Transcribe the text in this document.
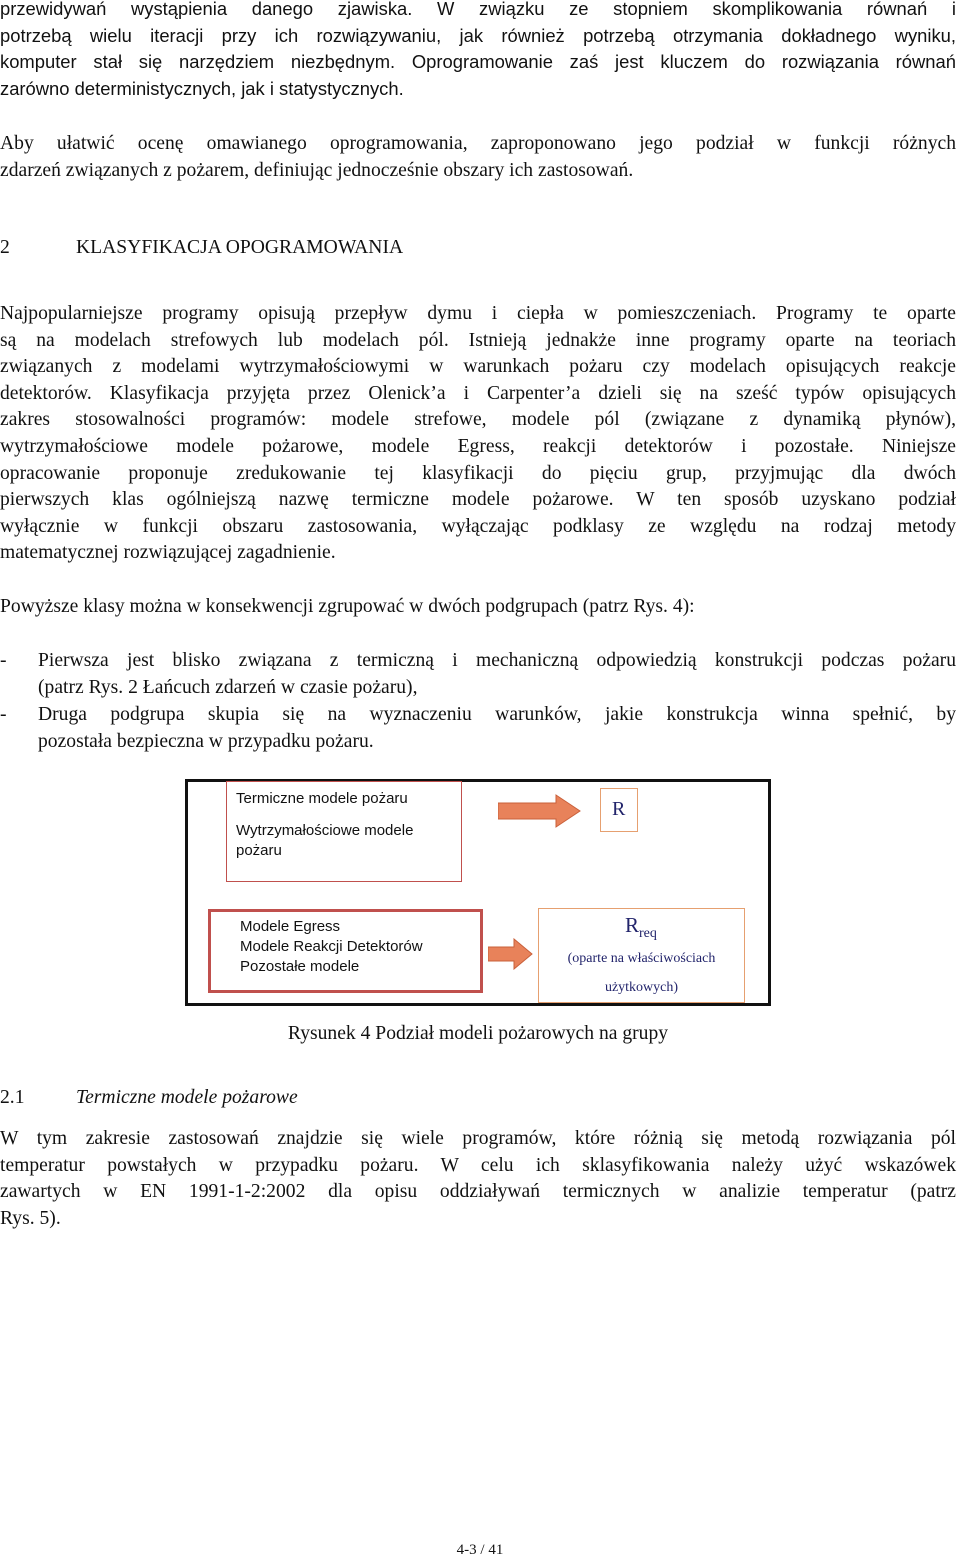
przewidywań wystąpienia danego zjawiska. W związku ze stopniem skomplikowania równań i
potrzebą wielu iteracji przy ich rozwiązywaniu, jak również potrzebą otrzymania dokładnego wyniku,
komputer stał się narzędziem niezbędnym. Oprogramowanie zaś jest kluczem do rozwiązania równań
zarówno deterministycznych, jak i statystycznych.
Aby ułatwić ocenę omawianego oprogramowania, zaproponowano jego podział w funkcji różnych
zdarzeń związanych z pożarem, definiując jednocześnie obszary ich zastosowań.
2	KLASYFIKACJA OPOGRAMOWANIA
Najpopularniejsze programy opisują przepływ dymu i ciepła w pomieszczeniach. Programy te oparte
są na modelach strefowych lub modelach pól. Istnieją jednakże inne programy oparte na teoriach
związanych z modelami wytrzymałościowymi w warunkach pożaru czy modelach opisujących reakcje
detektorów. Klasyfikacja przyjęta przez Olenick’a i Carpenter’a dzieli się na sześć typów opisujących
zakres stosowalności programów: modele strefowe, modele pól (związane z dynamiką płynów),
wytrzymałościowe modele pożarowe, modele Egress, reakcji detektorów i pozostałe. Niniejsze
opracowanie proponuje zredukowanie tej klasyfikacji do pięciu grup, przyjmując dla dwóch
pierwszych klas ogólniejszą nazwę termiczne modele pożarowe. W ten sposób uzyskano podział
wyłącznie w funkcji obszaru zastosowania, wyłączając podklasy ze względu na rodzaj metody
matematycznej rozwiązującej zagadnienie.
Powyższe klasy można w konsekwencji zgrupować w dwóch podgrupach (patrz Rys. 4):
- Pierwsza jest blisko związana z termiczną i mechaniczną odpowiedzią konstrukcji podczas pożaru
(patrz Rys. 2 Łańcuch zdarzeń w czasie pożaru),
- Druga podgrupa skupia się na wyznaczeniu warunków, jakie konstrukcja winna spełnić, by
pozostała bezpieczna w przypadku pożaru.
Termiczne modele pożaru
Wytrzymałościowe modele
pożaru
R
Modele Egress
Modele Reakcji Detektorów
Pozostałe modele
$R_{req}$
(oparte na właściwościach
użytkowych)
Rysunek 4 Podział modeli pożarowych na grupy
2.1	Termiczne modele pożarowe
W tym zakresie zastosowań znajdzie się wiele programów, które różnią się metodą rozwiązania pól
temperatur powstałych w przypadku pożaru. W celu ich sklasyfikowania należy użyć wskazówek
zawartych w EN 1991-1-2:2002 dla opisu oddziaływań termicznych w analizie temperatur (patrz
Rys. 5).
4-3 / 41
